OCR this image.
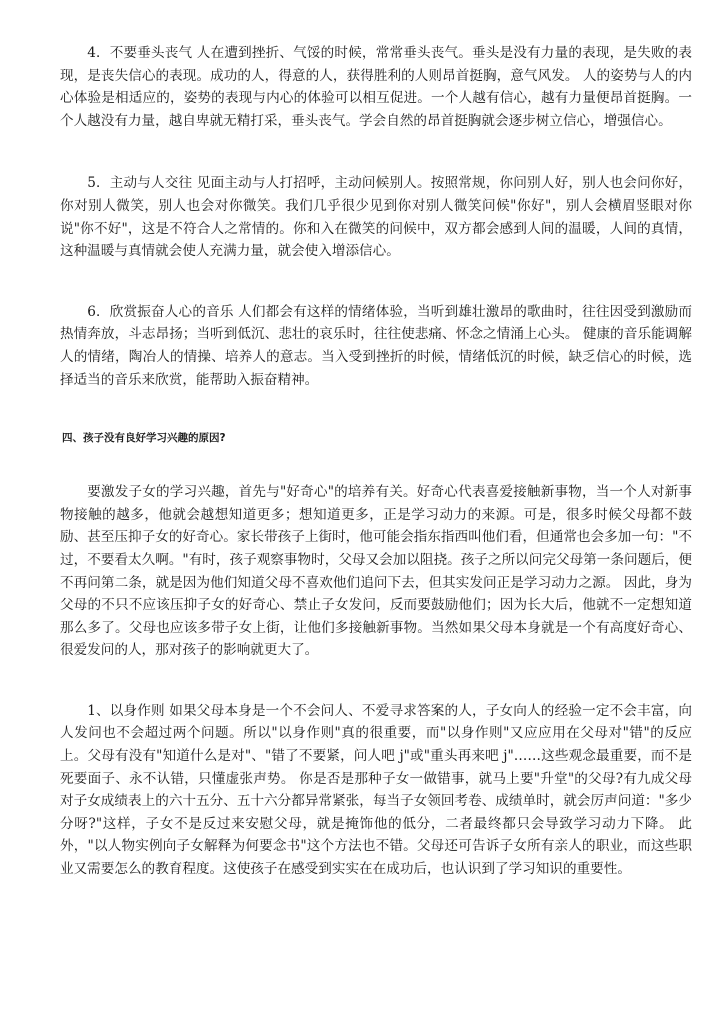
4．不要垂头丧气 人在遭到挫折、气馁的时候，常常垂头丧气。垂头是没有力量的表现，是失败的表现，是丧失信心的表现。成功的人，得意的人，获得胜利的人则昂首挺胸，意气风发。 人的姿势与人的内心体验是相适应的，姿势的表现与内心的体验可以相互促进。一个人越有信心，越有力量便昂首挺胸。一个人越没有力量，越自卑就无精打采，垂头丧气。学会自然的昂首挺胸就会逐步树立信心，增强信心。

5．主动与人交往 见面主动与人打招呼，主动问候别人。按照常规，你问别人好，别人也会问你好，你对别人微笑，别人也会对你微笑。我们几乎很少见到你对别人微笑问候"你好"，别人会横眉竖眼对你说"你不好"，这是不符合人之常情的。你和入在微笑的问候中，双方都会感到人间的温暖，人间的真情，这种温暖与真情就会使人充满力量，就会使入增添信心。

6．欣赏振奋人心的音乐 人们都会有这样的情绪体验，当听到雄壮激昂的歌曲时，往往因受到激励而热情奔放，斗志昂扬；当听到低沉、悲壮的哀乐时，往往使悲痛、怀念之情涌上心头。 健康的音乐能调解人的情绪，陶冶人的情操、培养人的意志。当入受到挫折的时候，情绪低沉的时候，缺乏信心的时候，选择适当的音乐来欣赏，能帮助入振奋精神。

四、孩子没有良好学习兴趣的原因?

要激发子女的学习兴趣，首先与"好奇心"的培养有关。好奇心代表喜爱接触新事物，当一个人对新事物接触的越多，他就会越想知道更多；想知道更多，正是学习动力的来源。可是，很多时候父母都不鼓励、甚至压抑子女的好奇心。家长带孩子上街时，他可能会指东指西叫他们看，但通常也会多加一句："不过，不要看太久啊。"有时，孩子观察事物时，父母又会加以阻挠。孩子之所以问完父母第一条问题后，便不再问第二条，就是因为他们知道父母不喜欢他们追问下去，但其实发问正是学习动力之源。 因此，身为父母的不只不应该压抑子女的好奇心、禁止子女发问，反而要鼓励他们；因为长大后，他就不一定想知道那么多了。父母也应该多带子女上街，让他们多接触新事物。当然如果父母本身就是一个有高度好奇心、很爱发问的人，那对孩子的影响就更大了。

1、以身作则 如果父母本身是一个不会问人、不爱寻求答案的人，子女向人的经验一定不会丰富，向人发问也不会超过两个问题。所以"以身作则"真的很重要，而"以身作则"又应应用在父母对"错"的反应上。父母有没有"知道什么是对"、"错了不要紧，问人吧 j"或"重头再来吧 j"……这些观念最重要，而不是死要面子、永不认错，只懂虚张声势。 你是否是那种子女一做错事，就马上要"升堂"的父母?有九成父母对子女成绩表上的六十五分、五十六分都异常紧张，每当子女领回考卷、成绩单时，就会厉声问道："多少分呀?"这样，子女不是反过来安慰父母，就是掩饰他的低分，二者最终都只会导致学习动力下降。 此外，"以人物实例向子女解释为何要念书"这个方法也不错。父母还可告诉子女所有亲人的职业，而这些职业又需要怎么的教育程度。这使孩子在感受到实实在在成功后，也认识到了学习知识的重要性。
